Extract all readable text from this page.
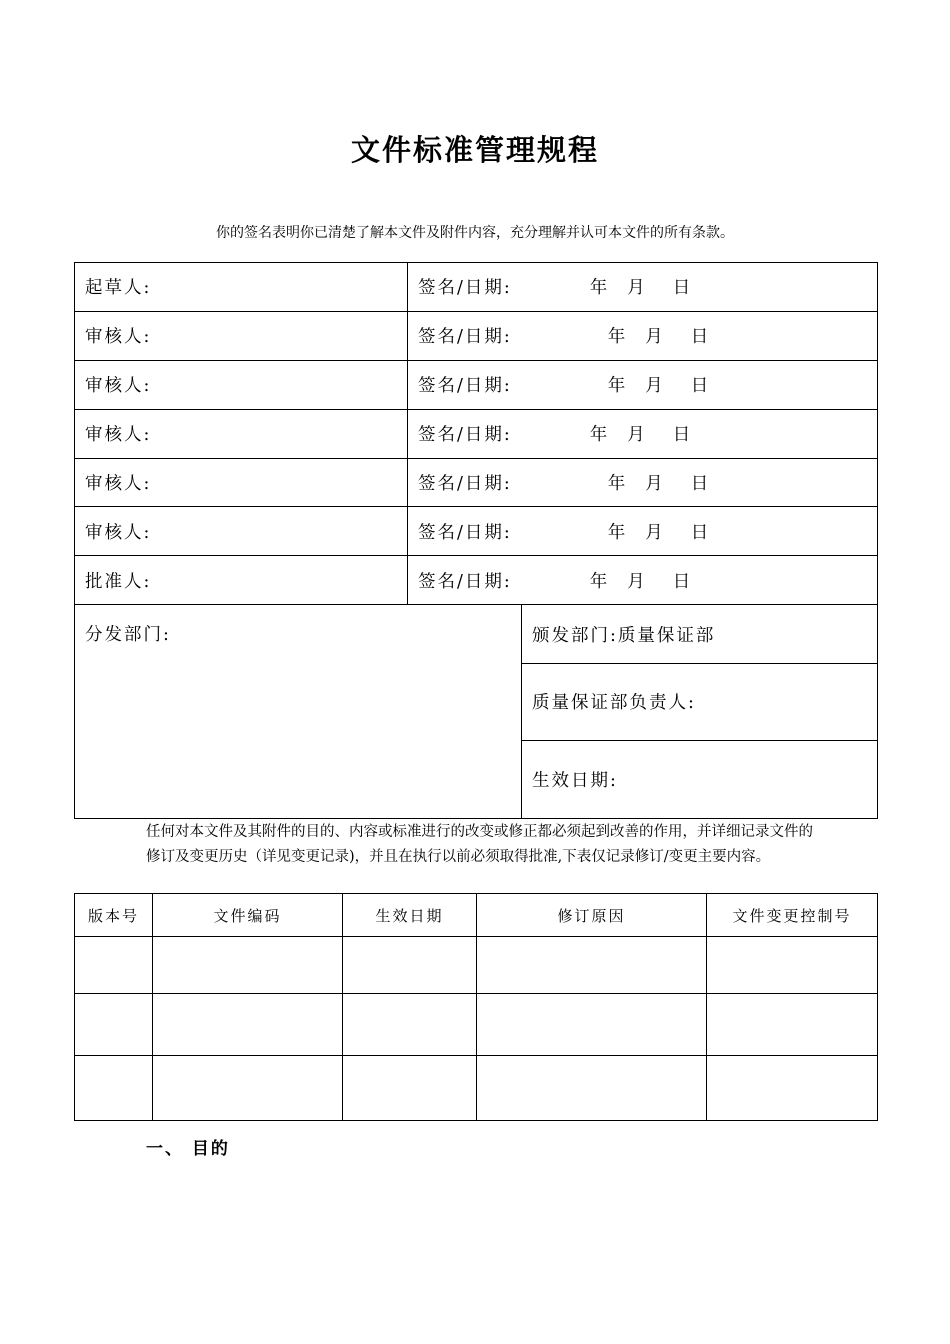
文件标准管理规程
你的签名表明你已清楚了解本文件及附件内容，充分理解并认可本文件的所有条款。
起草人:	签名/日期: 年 月 日	
审核人:	签名/日期: 年 月 日	
审核人:	签名/日期: 年 月 日	
审核人:	签名/日期: 年 月 日	
审核人:	签名/日期: 年 月 日	
审核人:	签名/日期: 年 月 日	
批准人:	签名/日期: 年 月 日	
分发部门:		颁发部门:质量保证部
		质量保证部负责人:
		生效日期:
任何对本文件及其附件的目的、内容或标准进行的改变或修正都必须起到改善的作用，并详细记录文件的修订及变更历史（详见变更记录)，并且在执行以前必须取得批准,下表仅记录修订/变更主要内容。
版本号	文件编码	生效日期	修订原因	文件变更控制号

一、 目的
